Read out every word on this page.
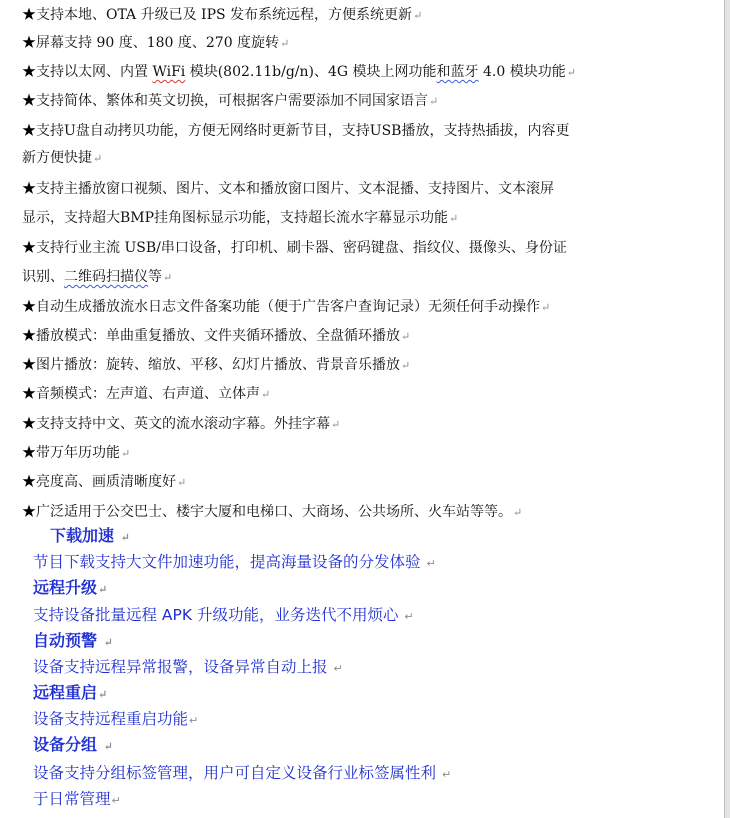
★支持本地、OTA 升级已及 IPS 发布系统远程，方便系统更新↵
★屏幕支持 90 度、180 度、270 度旋转↵
★支持以太网、内置 WiFi 模块(802.11b/g/n)、4G 模块上网功能和蓝牙 4.0 模块功能↵
★支持简体、繁体和英文切换，可根据客户需要添加不同国家语言↵
★支持U盘自动拷贝功能，方便无网络时更新节目，支持USB播放，支持热插拔，内容更
新方便快捷↵
★支持主播放窗口视频、图片、文本和播放窗口图片、文本混播、支持图片、文本滚屏
显示，支持超大BMP挂角图标显示功能，支持超长流水字幕显示功能↵
★支持行业主流 USB/串口设备，打印机、刷卡器、密码键盘、指纹仪、摄像头、身份证
识别、二维码扫描仪等↵
★自动生成播放流水日志文件备案功能（便于广告客户查询记录）无须任何手动操作↵
★播放模式：单曲重复播放、文件夹循环播放、全盘循环播放↵
★图片播放：旋转、缩放、平移、幻灯片播放、背景音乐播放↵
★音频模式：左声道、右声道、立体声↵
★支持支持中文、英文的流水滚动字幕。外挂字幕↵
★带万年历功能↵
★亮度高、画质清晰度好↵
★广泛适用于公交巴士、楼宇大厦和电梯口、大商场、公共场所、火车站等等。↵
下载加速 ↵
节目下载支持大文件加速功能，提高海量设备的分发体验 ↵
远程升级↵
支持设备批量远程 APK 升级功能，业务迭代不用烦心 ↵
自动预警 ↵
设备支持远程异常报警，设备异常自动上报 ↵
远程重启↵
设备支持远程重启功能↵
设备分组 ↵
设备支持分组标签管理，用户可自定义设备行业标签属性利 ↵
于日常管理↵
